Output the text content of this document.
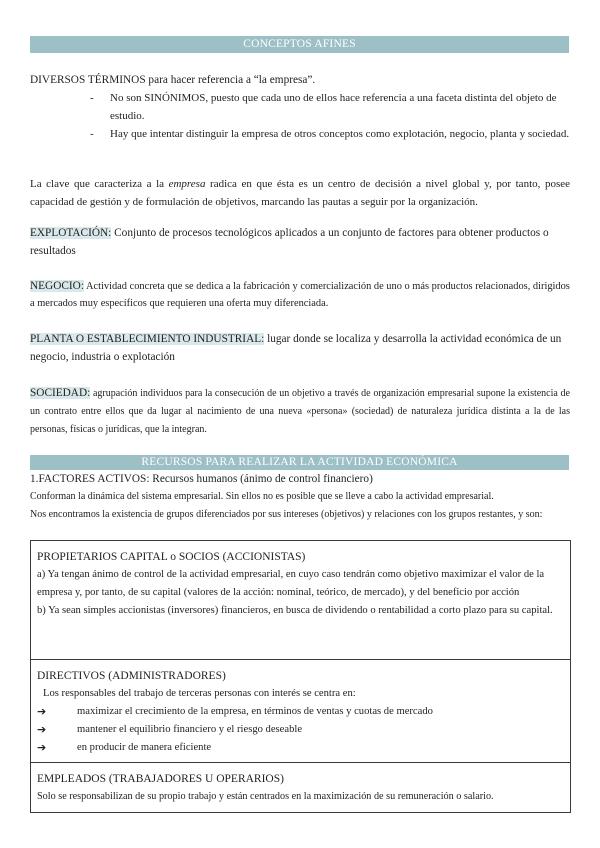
CONCEPTOS AFINES
DIVERSOS TÉRMINOS para hacer referencia a “la empresa”.
- No son SINÓNIMOS, puesto que cada uno de ellos hace referencia a una faceta distinta del objeto de estudio.
- Hay que intentar distinguir la empresa de otros conceptos como explotación, negocio, planta y sociedad.
La clave que caracteriza a la empresa radica en que ésta es un centro de decisión a nivel global y, por tanto, posee capacidad de gestión y de formulación de objetivos, marcando las pautas a seguir por la organización.
EXPLOTACIÓN: Conjunto de procesos tecnológicos aplicados a un conjunto de factores para obtener productos o resultados
NEGOCIO: Actividad concreta que se dedica a la fabricación y comercialización de uno o más productos relacionados, dirigidos a mercados muy específicos que requieren una oferta muy diferenciada.
PLANTA O ESTABLECIMIENTO INDUSTRIAL: lugar donde se localiza y desarrolla la actividad económica de un negocio, industria o explotación
SOCIEDAD: agrupación individuos para la consecución de un objetivo a través de organización empresarial supone la existencia de un contrato entre ellos que da lugar al nacimiento de una nueva «persona» (sociedad) de naturaleza jurídica distinta a la de las personas, físicas o jurídicas, que la integran.
RECURSOS PARA REALIZAR LA ACTIVIDAD ECONÓMICA
1.FACTORES ACTIVOS: Recursos humanos (ánimo de control financiero)
Conforman la dinámica del sistema empresarial. Sin ellos no es posible que se lleve a cabo la actividad empresarial.
Nos encontramos la existencia de grupos diferenciados por sus intereses (objetivos) y relaciones con los grupos restantes, y son:
PROPIETARIOS CAPITAL o SOCIOS (ACCIONISTAS)
a) Ya tengan ánimo de control de la actividad empresarial, en cuyo caso tendrán como objetivo maximizar el valor de la empresa y, por tanto, de su capital (valores de la acción: nominal, teórico, de mercado), y del beneficio por acción
b) Ya sean simples accionistas (inversores) financieros, en busca de dividendo o rentabilidad a corto plazo para su capital.
DIRECTIVOS (ADMINISTRADORES)
Los responsables del trabajo de terceras personas con interés se centra en:
➔	maximizar el crecimiento de la empresa, en términos de ventas y cuotas de mercado
➔	mantener el equilibrio financiero y el riesgo deseable
➔	en producir de manera eficiente
EMPLEADOS (TRABAJADORES U OPERARIOS)
Solo se responsabilizan de su propio trabajo y están centrados en la maximización de su remuneración o salario.
